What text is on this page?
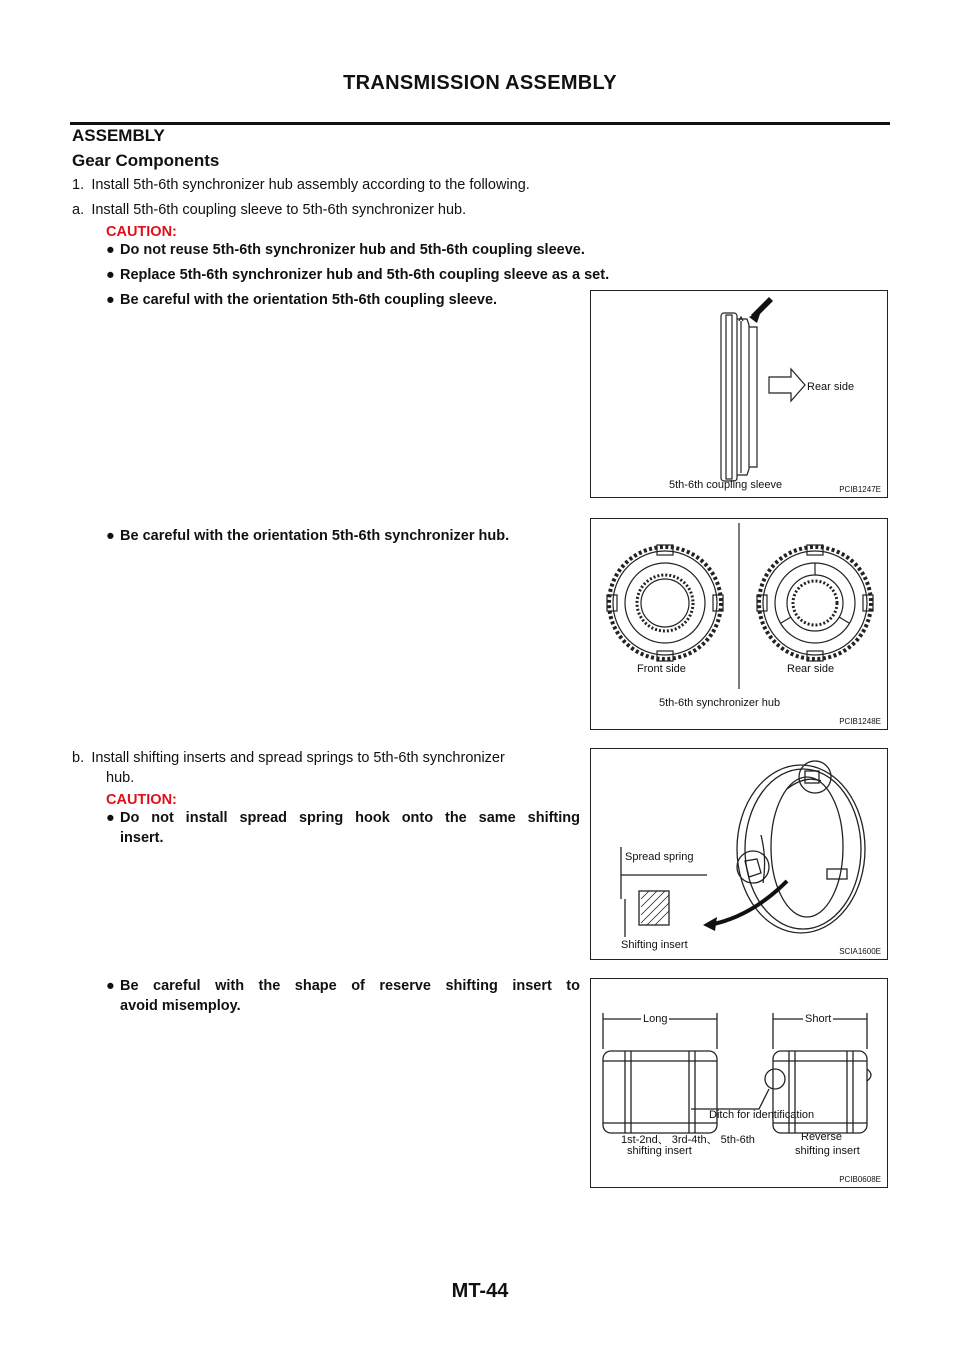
TRANSMISSION ASSEMBLY
ASSEMBLY
Gear Components
1. Install 5th-6th synchronizer hub assembly according to the following.
a. Install 5th-6th coupling sleeve to 5th-6th synchronizer hub.
CAUTION:
● Do not reuse 5th-6th synchronizer hub and 5th-6th coupling sleeve.
● Replace 5th-6th synchronizer hub and 5th-6th coupling sleeve as a set.
● Be careful with the orientation 5th-6th coupling sleeve.
Rear side
5th-6th coupling sleeve	PCIB1247E
● Be careful with the orientation 5th-6th synchronizer hub.
Front side	Rear side
5th-6th synchronizer hub
PCIB1248E
b. Install shifting inserts and spread springs to 5th-6th synchronizer
hub.
CAUTION:
● Do not install spread spring hook onto the same shifting
insert.
Spread spring
Shifting insert
SCIA1600E
● Be careful with the shape of reserve shifting insert to
avoid misemploy.
Long	Short
Ditch for identification
1st-2nd、 3rd-4th、 5th-6th
shifting insert
Reverse
shifting insert
PCIB0608E
MT-44
